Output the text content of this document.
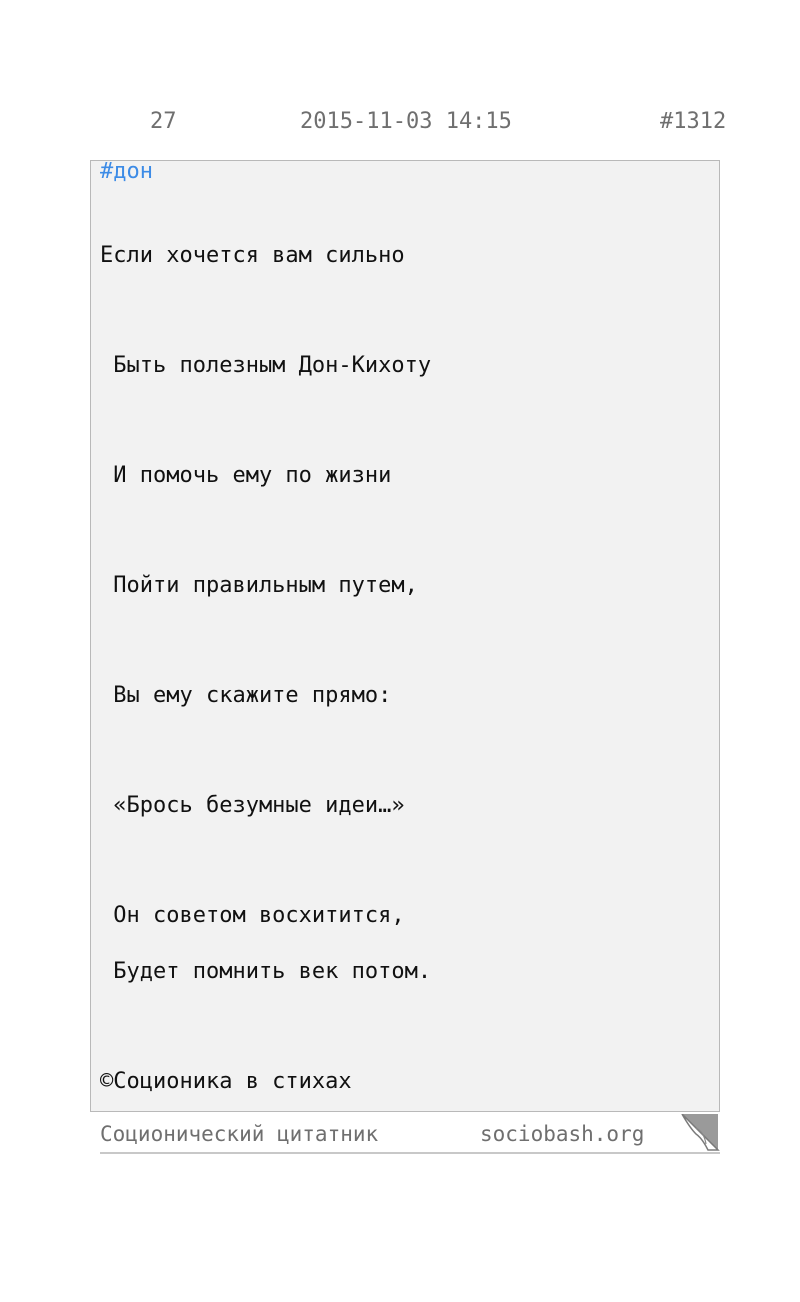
27	2015-11-03 14:15	#1312
#дон
Если хочется вам сильно
Быть полезным Дон-Кихоту
И помочь ему по жизни
Пойти правильным путем,
Вы ему скажите прямо:
«Брось безумные идеи…»
Он советом восхитится,
Будет помнить век потом.
©Соционика в стихах
Соционический цитатник	sociobash.org
